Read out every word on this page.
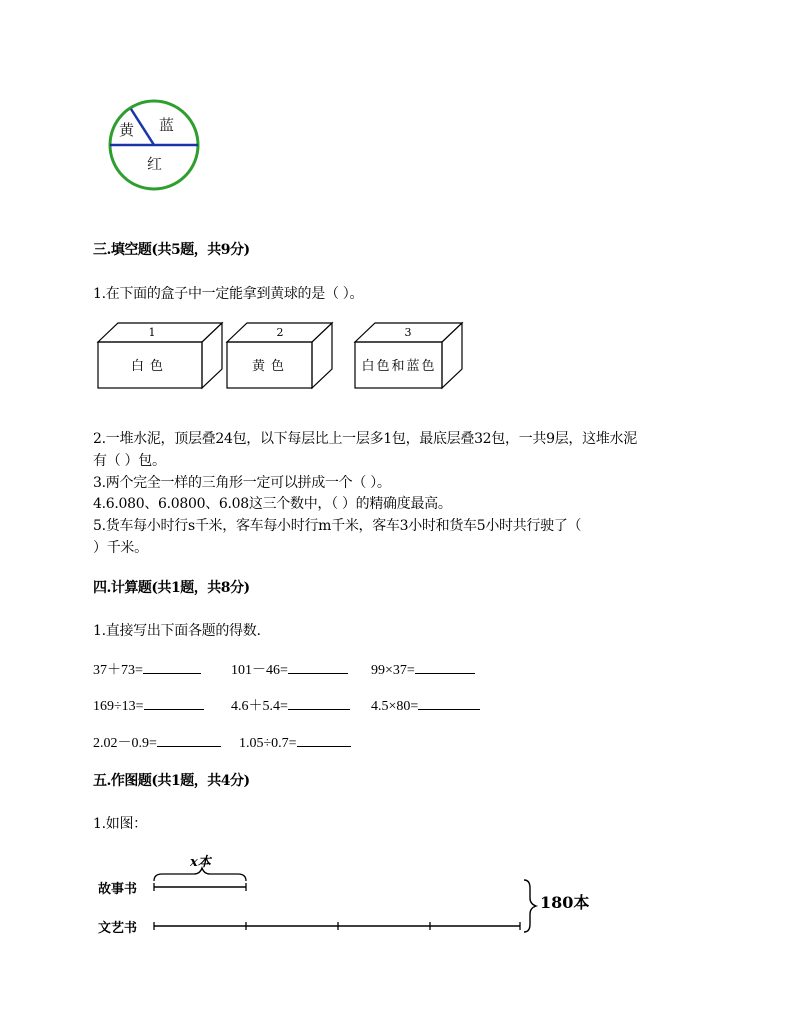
黄 蓝
红
三.填空题(共5题，共9分)
1.在下面的盒子中一定能拿到黄球的是（ ）。
1
白色
2
黄色
3
白色和蓝色
2.一堆水泥，顶层叠24包，以下每层比上一层多1包，最底层叠32包，一共9层，这堆水泥
有（ ）包。
3.两个完全一样的三角形一定可以拼成一个（ ）。
4.6.080、6.0800、6.08这三个数中，（ ）的精确度最高。
5.货车每小时行s千米，客车每小时行m千米，客车3小时和货车5小时共行驶了（
）千米。
四.计算题(共1题，共8分)
1.直接写出下面各题的得数.
37＋73=	101－46=	99×37=
169÷13=	4.6＋5.4=	4.5×80=
2.02－0.9=	1.05÷0.7=
五.作图题(共1题，共4分)
1.如图：
x本
故事书
文艺书
180本
